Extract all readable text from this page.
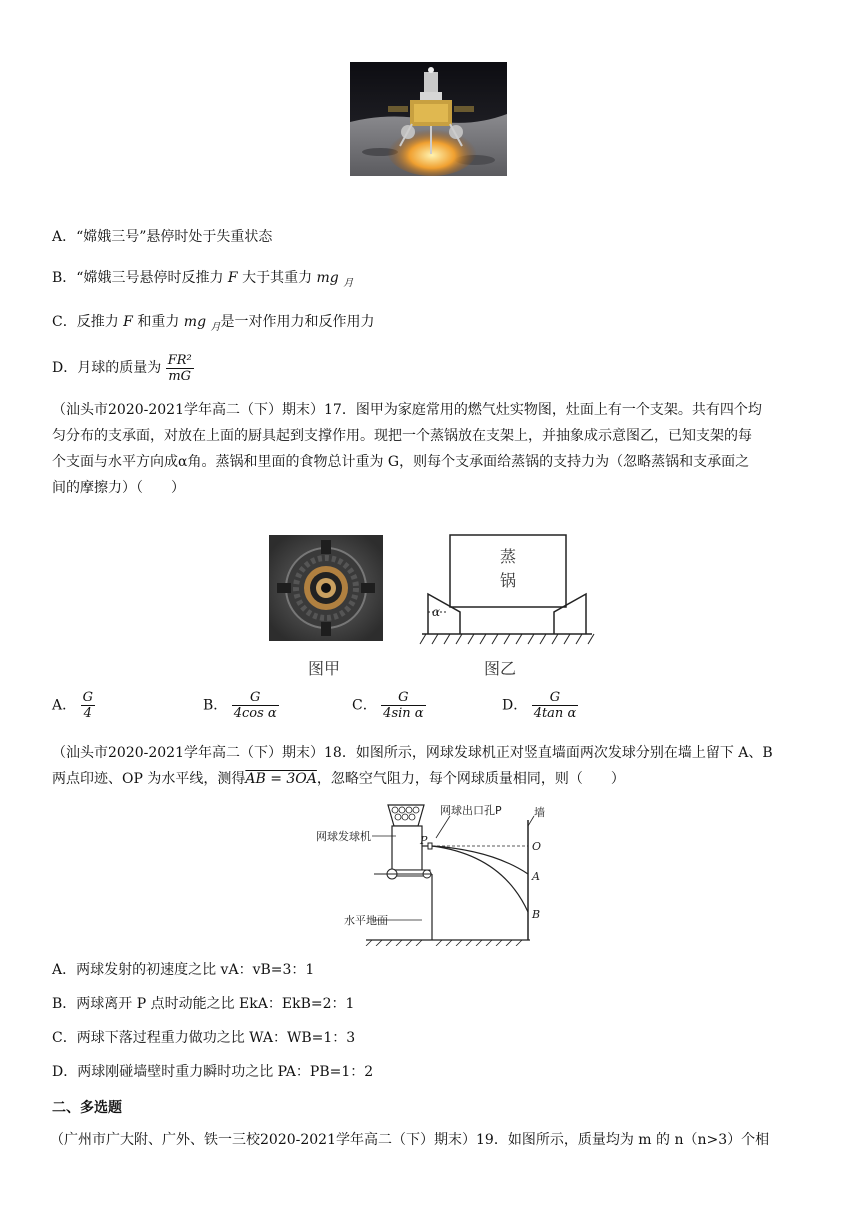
A．“嫦娥三号”悬停时处于失重状态
B．“嫦娥三号悬停时反推力 F 大于其重力 mg $_月$
C．反推力 F 和重力 mg $_月$是一对作用力和反作用力
D．月球的质量为 $\frac{\text{FR²}}{mG}$
（汕头市2020-2021学年高二（下）期末）17．图甲为家庭常用的燃气灶实物图，灶面上有一个支架。共有四个均
匀分布的支承面，对放在上面的厨具起到支撑作用。现把一个蒸锅放在支架上，并抽象成示意图乙，已知支架的每
个支面与水平方向成α角。蒸锅和里面的食物总计重为 G，则每个支承面给蒸锅的支持力为（忽略蒸锅和支承面之
间的摩擦力）（　　）
图甲
蒸
锅
α
图乙
A． $\frac{G}{4}$	B． $\frac{G}{\text{4cos α}}$	C． $\frac{G}{\text{4sin α}}$	D． $\frac{G}{\text{4tan α}}$
（汕头市2020-2021学年高二（下）期末）18．如图所示，网球发球机正对竖直墙面两次发球分别在墙上留下 A、B
两点印迹、OP 为水平线，测得AB = 3OA，忽略空气阻力，每个网球质量相同，则（　　）
网球发球机
网球出口孔P	墙
水平地面
P	O
A
B
A．两球发射的初速度之比 vA：vB=3：1
B．两球离开 P 点时动能之比 EkA：EkB=2：1
C．两球下落过程重力做功之比 WA：WB=1：3
D．两球刚碰墙壁时重力瞬时功之比 PA：PB=1：2
二、多选题
（广州市广大附、广外、铁一三校2020-2021学年高二（下）期末）19．如图所示，质量均为 m 的 n（n>3）个相
